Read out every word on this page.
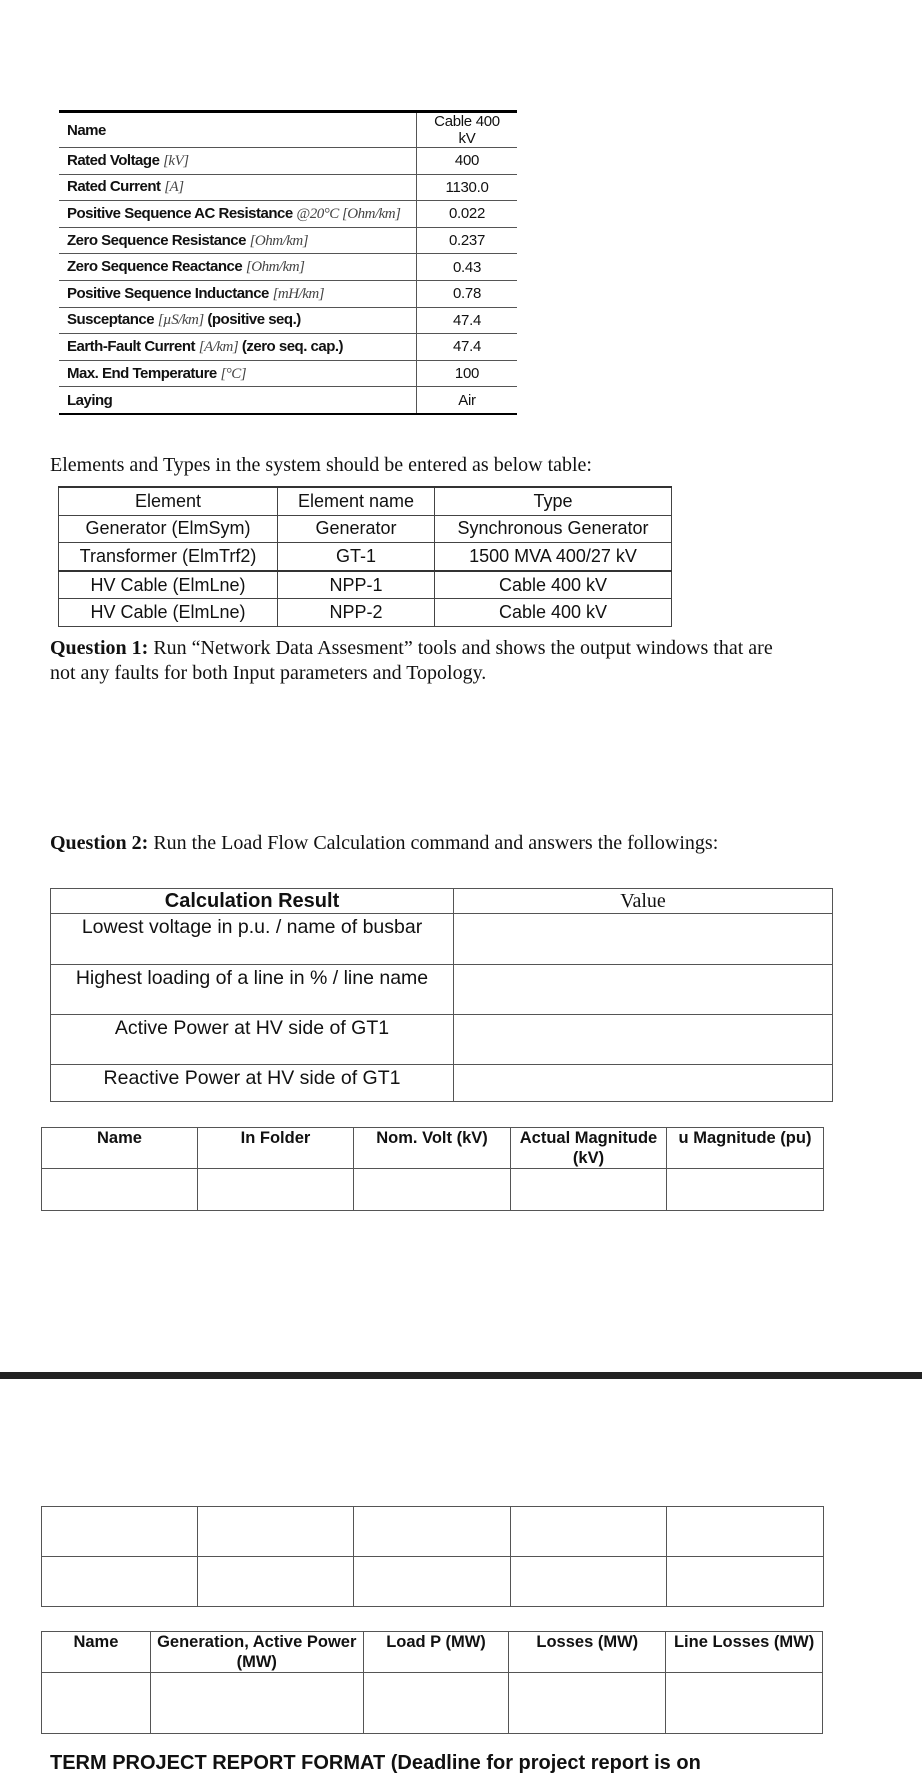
Name	Cable 400 kV
Rated Voltage [kV]	400
Rated Current [A]	1130.0
Positive Sequence AC Resistance @20°C [Ohm/km]	0.022
Zero Sequence Resistance [Ohm/km]	0.237
Zero Sequence Reactance [Ohm/km]	0.43
Positive Sequence Inductance [mH/km]	0.78
Susceptance [µS/km] (positive seq.)	47.4
Earth-Fault Current [A/km] (zero seq. cap.)	47.4
Max. End Temperature [°C]	100
Laying	Air
Elements and Types in the system should be entered as below table:
Element	Element name	Type
Generator (ElmSym)	Generator	Synchronous Generator
Transformer (ElmTrf2)	GT-1	1500 MVA 400/27 kV
HV Cable (ElmLne)	NPP-1	Cable 400 kV
HV Cable (ElmLne)	NPP-2	Cable 400 kV
Question 1: Run “Network Data Assesment” tools and shows the output windows that are
not any faults for both Input parameters and Topology.
Question 2: Run the Load Flow Calculation command and answers the followings:
Calculation Result	Value
Lowest voltage in p.u. / name of busbar	
Highest loading of a line in % / line name	
Active Power at HV side of GT1	
Reactive Power at HV side of GT1	
Name	In Folder	Nom. Volt (kV)	Actual Magnitude (kV)	u Magnitude (pu)

Name	Generation, Active Power (MW)	Load P (MW)	Losses (MW)	Line Losses (MW)

TERM PROJECT REPORT FORMAT (Deadline for project report is on
